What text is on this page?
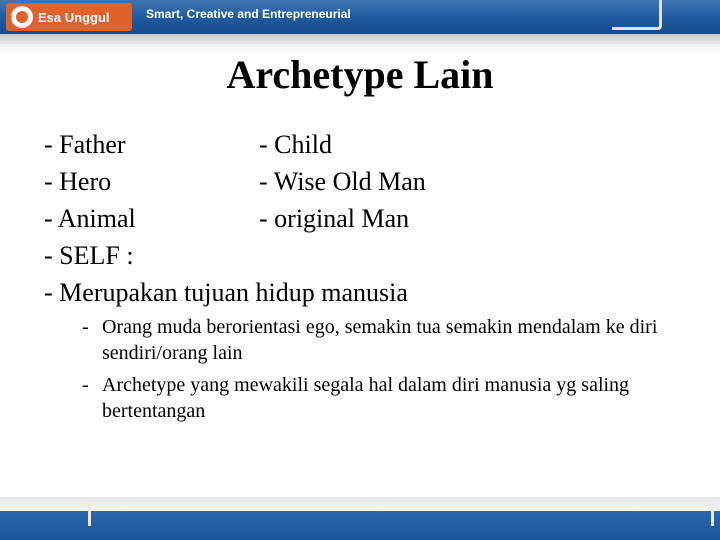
Esa Unggul	Smart, Creative and Entrepreneurial
Archetype Lain
- Father
- Hero
- Animal
- SELF :
- Merupakan tujuan hidup manusia
- Child
- Wise Old Man
- original Man
- Orang muda berorientasi ego, semakin tua semakin mendalam ke diri sendiri/orang lain
- Archetype yang mewakili segala hal dalam diri manusia yg saling bertentangan
